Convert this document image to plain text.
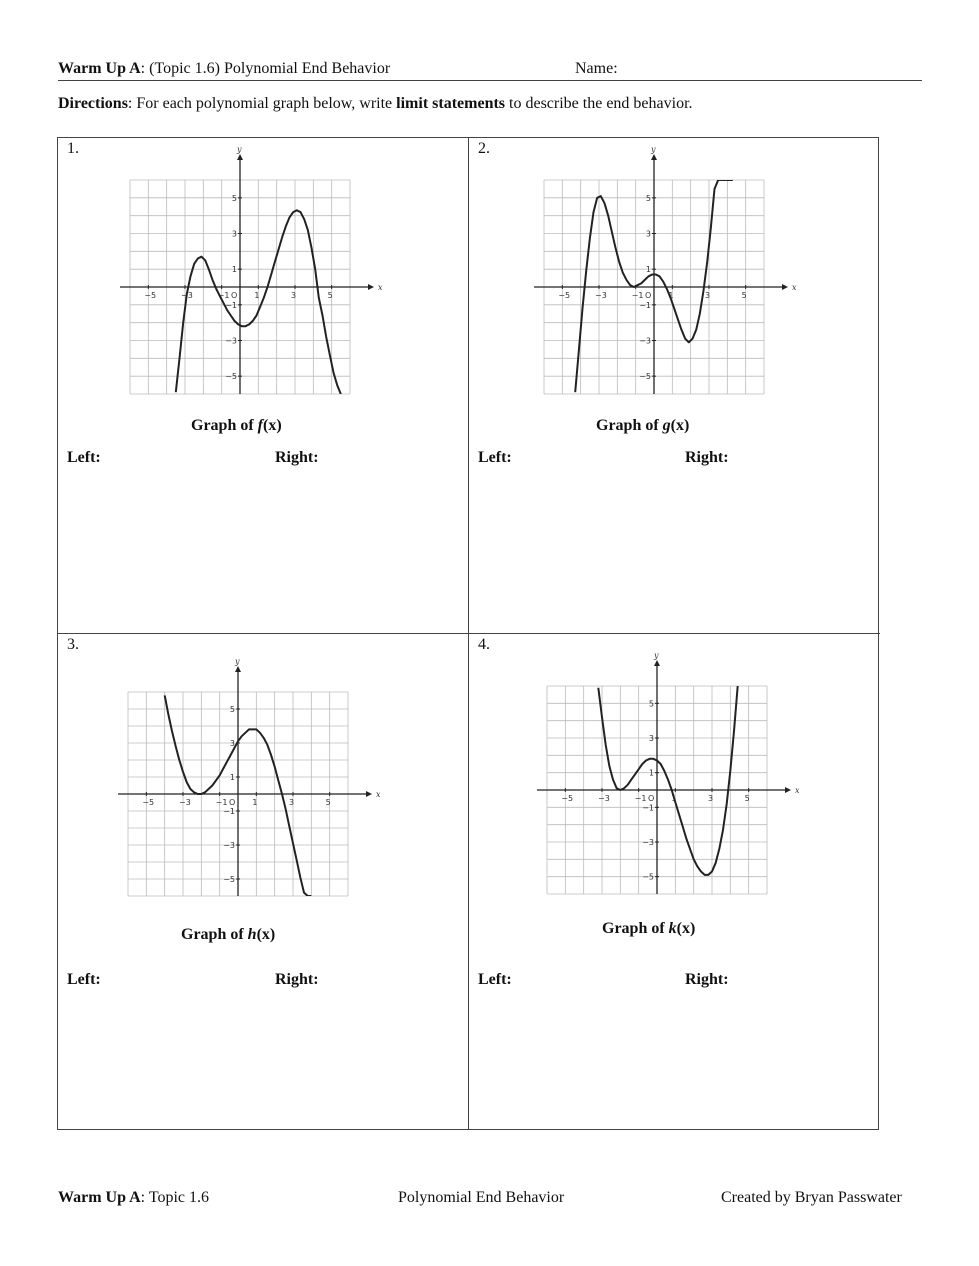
Warm Up A: (Topic 1.6) Polynomial End Behavior	Name:
Directions: For each polynomial graph below, write limit statements to describe the end behavior.
1.
x
y
−5	−3	−1 O 1	3	5
5
3
1
−1
−3
−5
Graph of f(x)
Left:	Right:
2.
x
y
−5	−3	−1 O 1	3	5
5
3
1
−1
−3
−5
Graph of g(x)
Left:	Right:
3.
x
y
−5	−3	−1 O 1	3	5
5
3
1
−1
−3
−5
Graph of h(x)
Left:	Right:
4.
x
y
−5	−3	−1 O 1	3	5
5
3
1
−1
−3
−5
Graph of k(x)
Left:	Right:
Warm Up A: Topic 1.6	Polynomial End Behavior	Created by Bryan Passwater
